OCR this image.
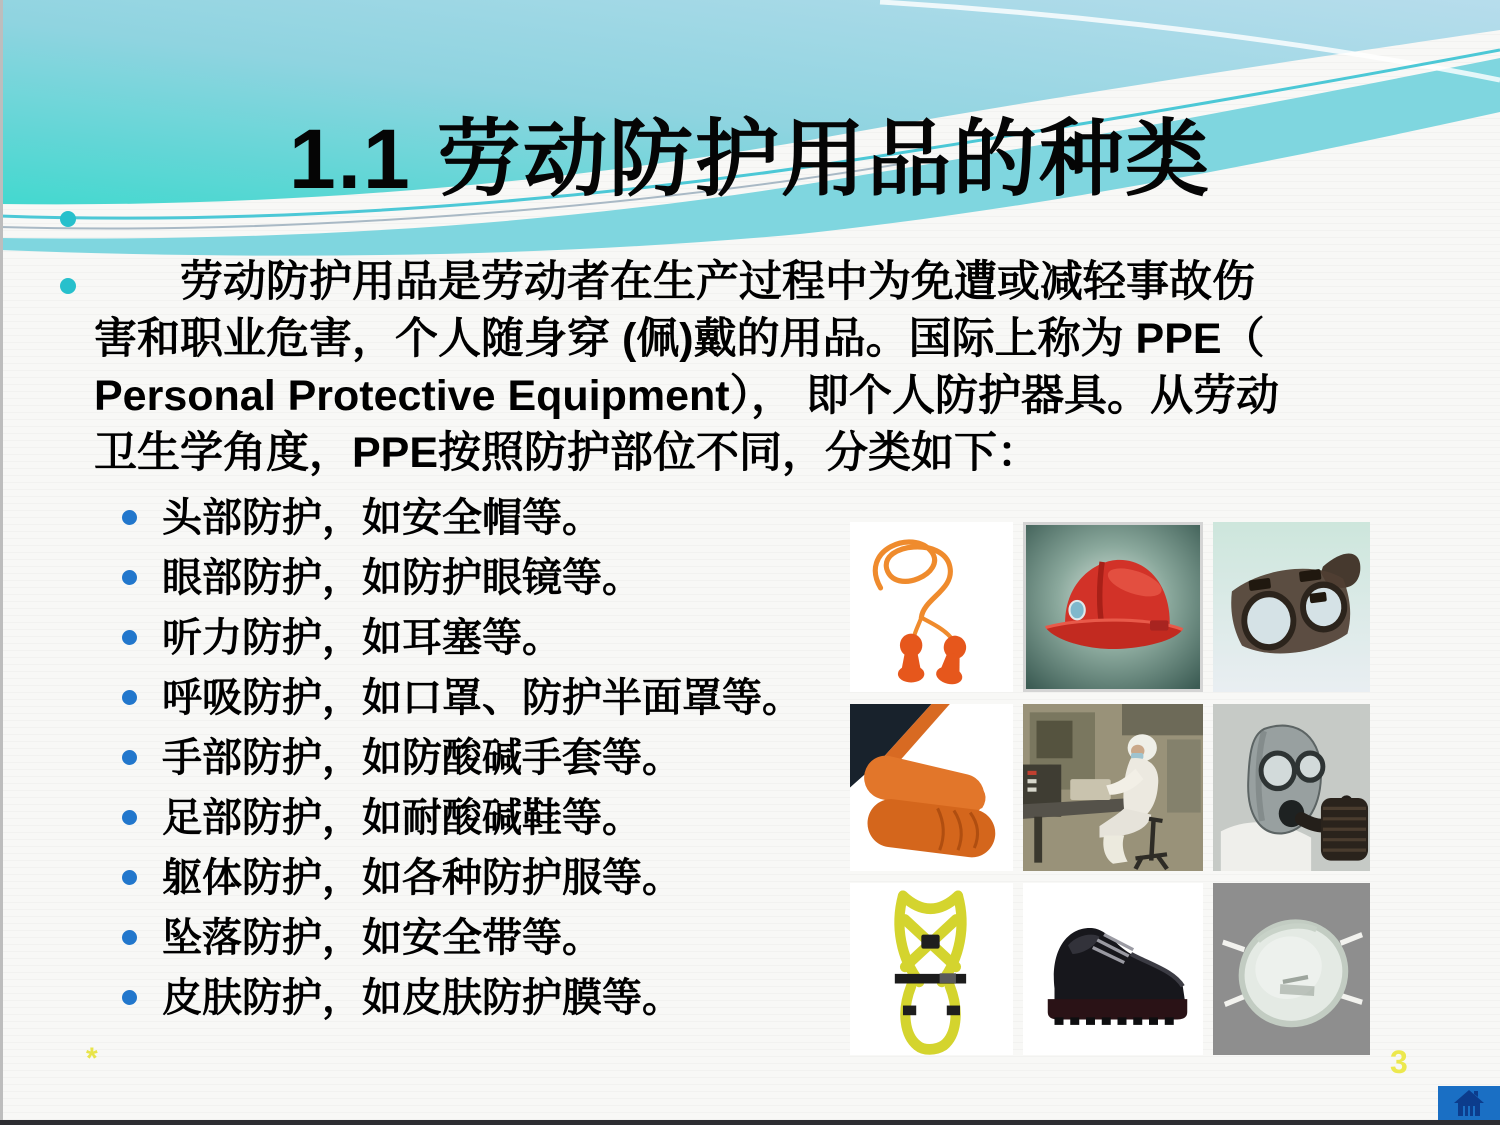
1.1 劳动防护用品的种类
劳动防护用品是劳动者在生产过程中为免遭或减轻事故伤
害和职业危害，个人随身穿 (佩)戴的用品。国际上称为 PPE（
Personal Protective Equipment）， 即个人防护器具。从劳动
卫生学角度，PPE按照防护部位不同，分类如下：
头部防护，如安全帽等。
眼部防护，如防护眼镜等。
听力防护，如耳塞等。
呼吸防护，如口罩、防护半面罩等。
手部防护，如防酸碱手套等。
足部防护，如耐酸碱鞋等。
躯体防护，如各种防护服等。
坠落防护，如安全带等。
皮肤防护，如皮肤防护膜等。
*	3
